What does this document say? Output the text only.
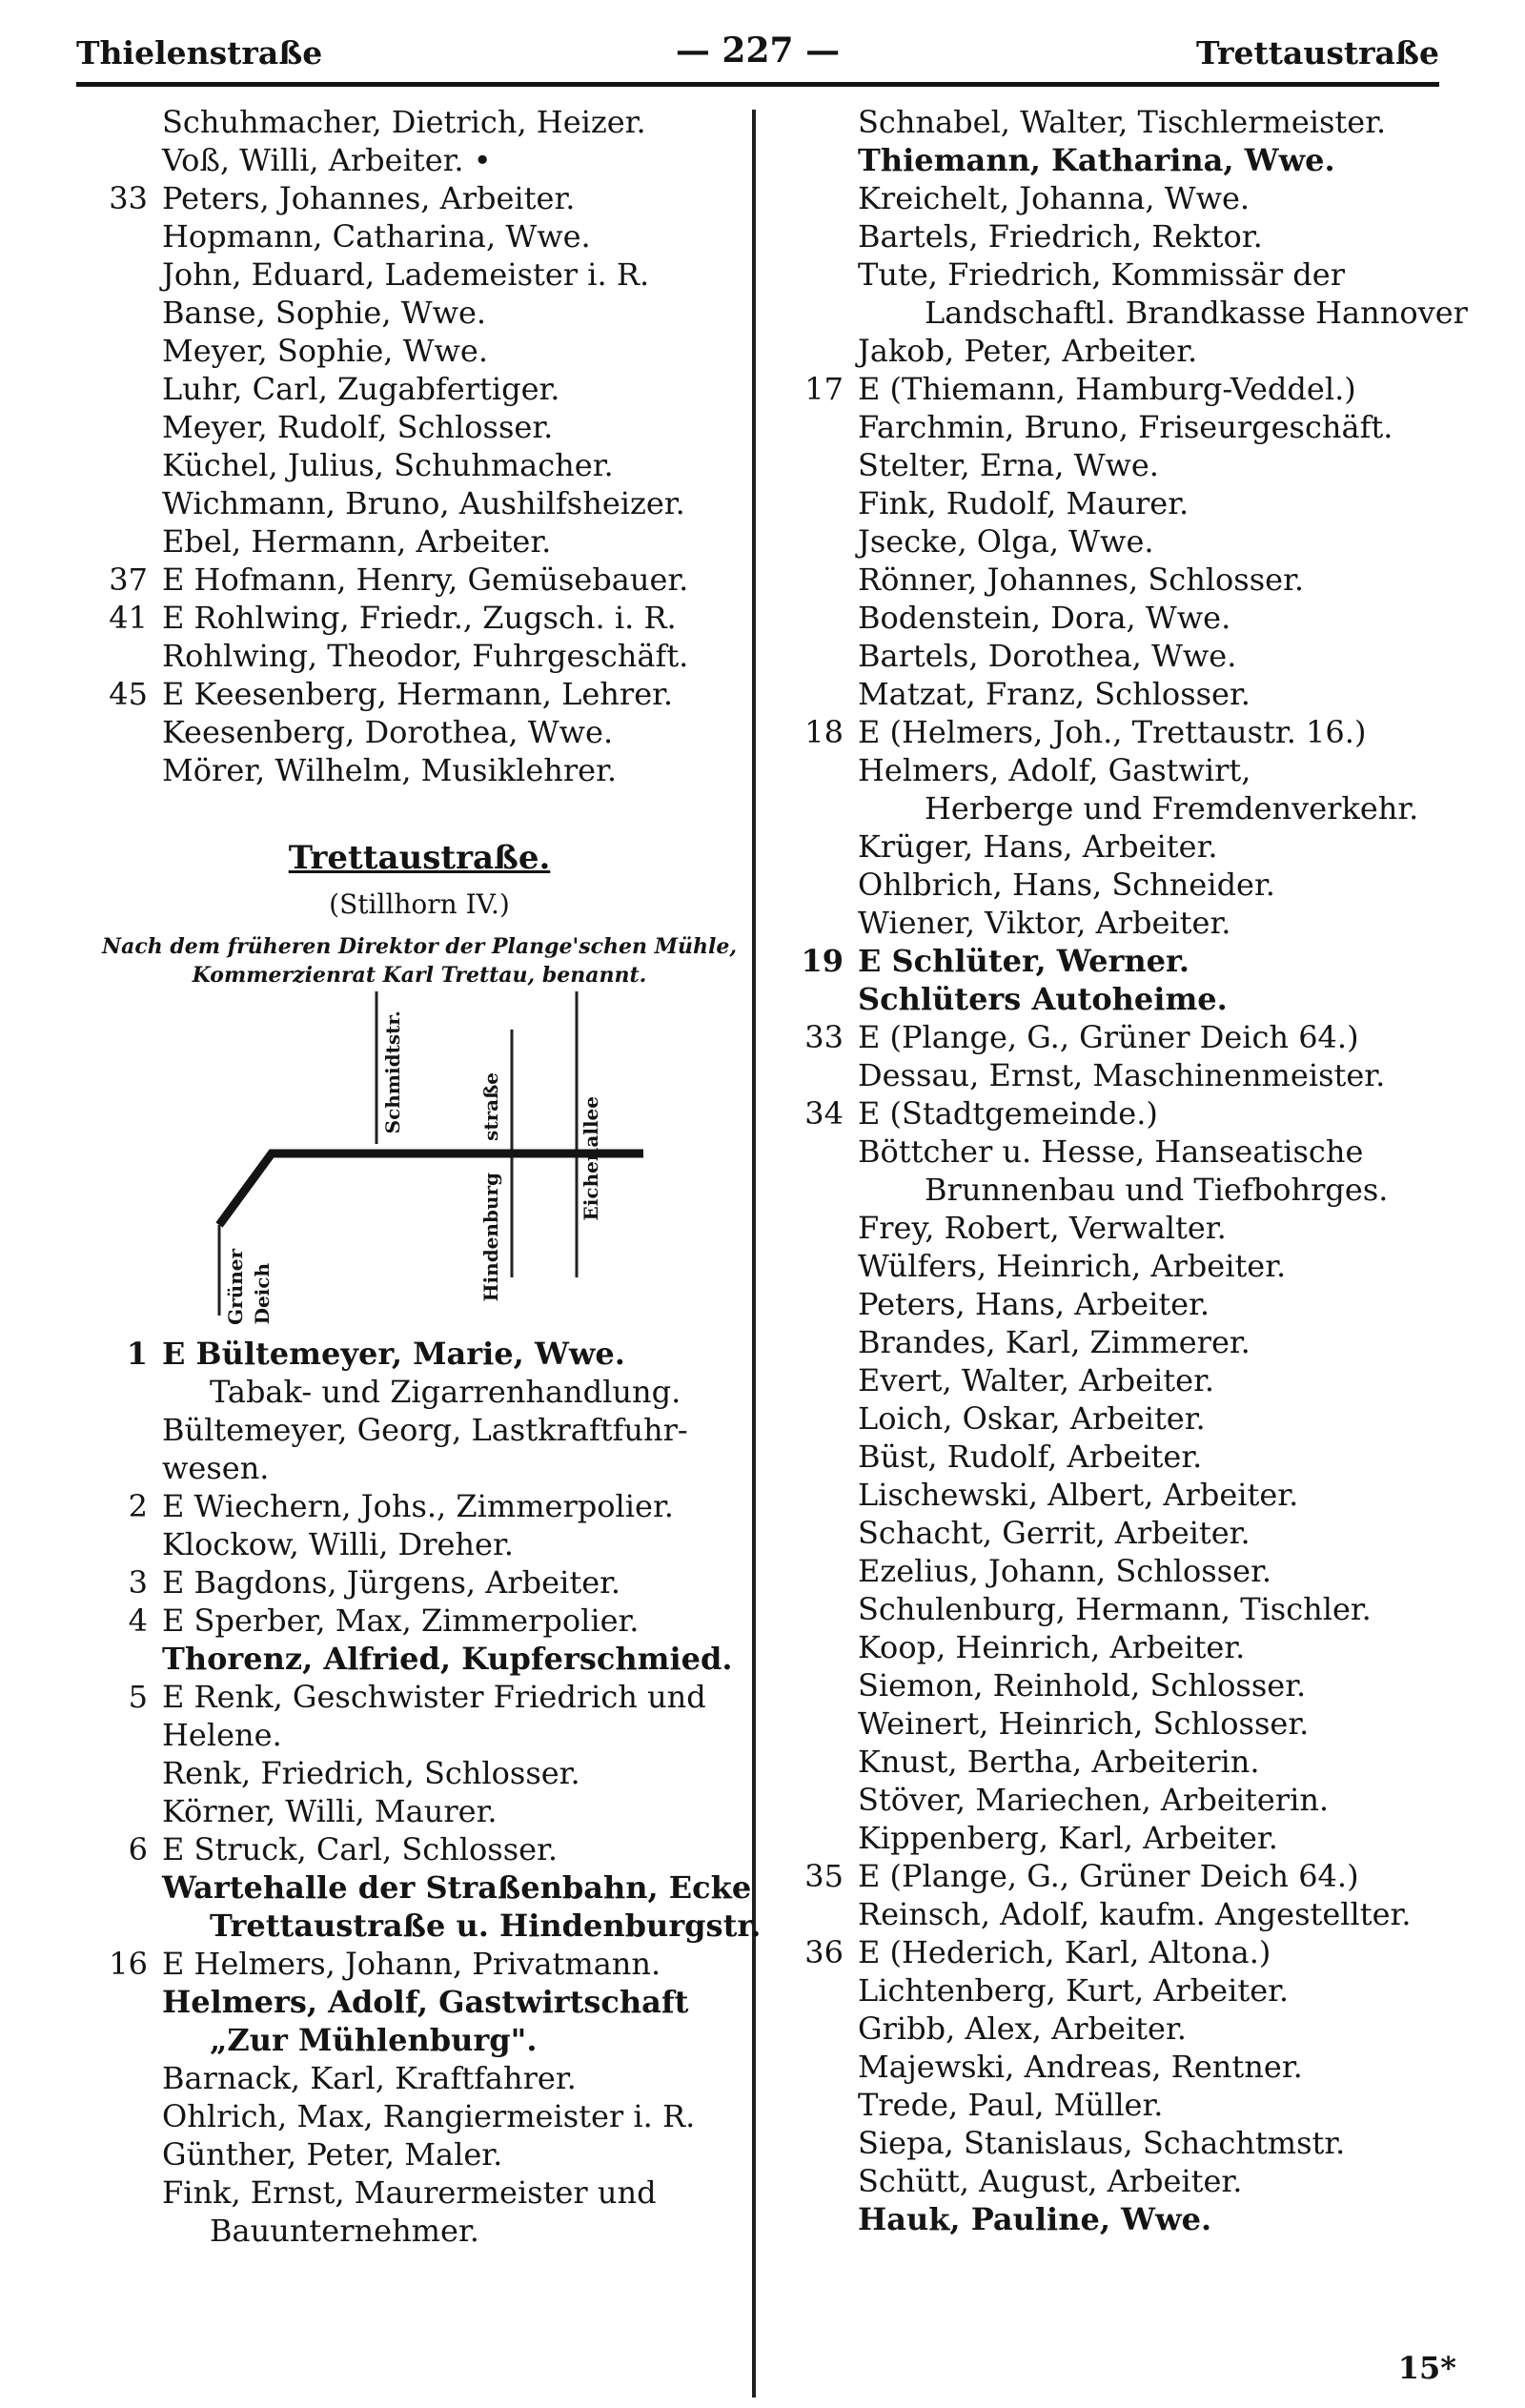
Thielenstraße	— 227 —	Trettaustraße
Schuhmacher, Dietrich, Heizer.
Voß, Willi, Arbeiter. •
33 Peters, Johannes, Arbeiter.
Hopmann, Catharina, Wwe.
John, Eduard, Lademeister i. R.
Banse, Sophie, Wwe.
Meyer, Sophie, Wwe.
Luhr, Carl, Zugabfertiger.
Meyer, Rudolf, Schlosser.
Küchel, Julius, Schuhmacher.
Wichmann, Bruno, Aushilfsheizer.
Ebel, Hermann, Arbeiter.
37 E Hofmann, Henry, Gemüsebauer.
41 E Rohlwing, Friedr., Zugsch. i. R.
Rohlwing, Theodor, Fuhrgeschäft.
45 E Keesenberg, Hermann, Lehrer.
Keesenberg, Dorothea, Wwe.
Mörer, Wilhelm, Musiklehrer.
Trettaustraße.
(Stillhorn IV.)
Nach dem früheren Direktor der Plange'schen Mühle,
Kommerzienrat Karl Trettau, benannt.
Schmidtstr.	straße
Hindenburg
Eichenallee
Grüner Deich
1 E Bültemeyer, Marie, Wwe.
Tabak- und Zigarrenhandlung.
Bültemeyer, Georg, Lastkraftfuhr-
wesen.
2 E Wiechern, Johs., Zimmerpolier.
Klockow, Willi, Dreher.
3 E Bagdons, Jürgens, Arbeiter.
4 E Sperber, Max, Zimmerpolier.
Thorenz, Alfried, Kupferschmied.
5 E Renk, Geschwister Friedrich und
Helene.
Renk, Friedrich, Schlosser.
Körner, Willi, Maurer.
6 E Struck, Carl, Schlosser.
Wartehalle der Straßenbahn, Ecke
Trettaustraße u. Hindenburgstr.
16 E Helmers, Johann, Privatmann.
Helmers, Adolf, Gastwirtschaft
„Zur Mühlenburg".
Barnack, Karl, Kraftfahrer.
Ohlrich, Max, Rangiermeister i. R.
Günther, Peter, Maler.
Fink, Ernst, Maurermeister und
Bauunternehmer.
Schnabel, Walter, Tischlermeister.
Thiemann, Katharina, Wwe.
Kreichelt, Johanna, Wwe.
Bartels, Friedrich, Rektor.
Tute, Friedrich, Kommissär der
Landschaftl. Brandkasse Hannover
Jakob, Peter, Arbeiter.
17 E (Thiemann, Hamburg-Veddel.)
Farchmin, Bruno, Friseurgeschäft.
Stelter, Erna, Wwe.
Fink, Rudolf, Maurer.
Jsecke, Olga, Wwe.
Rönner, Johannes, Schlosser.
Bodenstein, Dora, Wwe.
Bartels, Dorothea, Wwe.
Matzat, Franz, Schlosser.
18 E (Helmers, Joh., Trettaustr. 16.)
Helmers, Adolf, Gastwirt,
Herberge und Fremdenverkehr.
Krüger, Hans, Arbeiter.
Ohlbrich, Hans, Schneider.
Wiener, Viktor, Arbeiter.
19 E Schlüter, Werner.
Schlüters Autoheime.
33 E (Plange, G., Grüner Deich 64.)
Dessau, Ernst, Maschinenmeister.
34 E (Stadtgemeinde.)
Böttcher u. Hesse, Hanseatische
Brunnenbau und Tiefbohrges.
Frey, Robert, Verwalter.
Wülfers, Heinrich, Arbeiter.
Peters, Hans, Arbeiter.
Brandes, Karl, Zimmerer.
Evert, Walter, Arbeiter.
Loich, Oskar, Arbeiter.
Büst, Rudolf, Arbeiter.
Lischewski, Albert, Arbeiter.
Schacht, Gerrit, Arbeiter.
Ezelius, Johann, Schlosser.
Schulenburg, Hermann, Tischler.
Koop, Heinrich, Arbeiter.
Siemon, Reinhold, Schlosser.
Weinert, Heinrich, Schlosser.
Knust, Bertha, Arbeiterin.
Stöver, Mariechen, Arbeiterin.
Kippenberg, Karl, Arbeiter.
35 E (Plange, G., Grüner Deich 64.)
Reinsch, Adolf, kaufm. Angestellter.
36 E (Hederich, Karl, Altona.)
Lichtenberg, Kurt, Arbeiter.
Gribb, Alex, Arbeiter.
Majewski, Andreas, Rentner.
Trede, Paul, Müller.
Siepa, Stanislaus, Schachtmstr.
Schütt, August, Arbeiter.
Hauk, Pauline, Wwe.
15*
